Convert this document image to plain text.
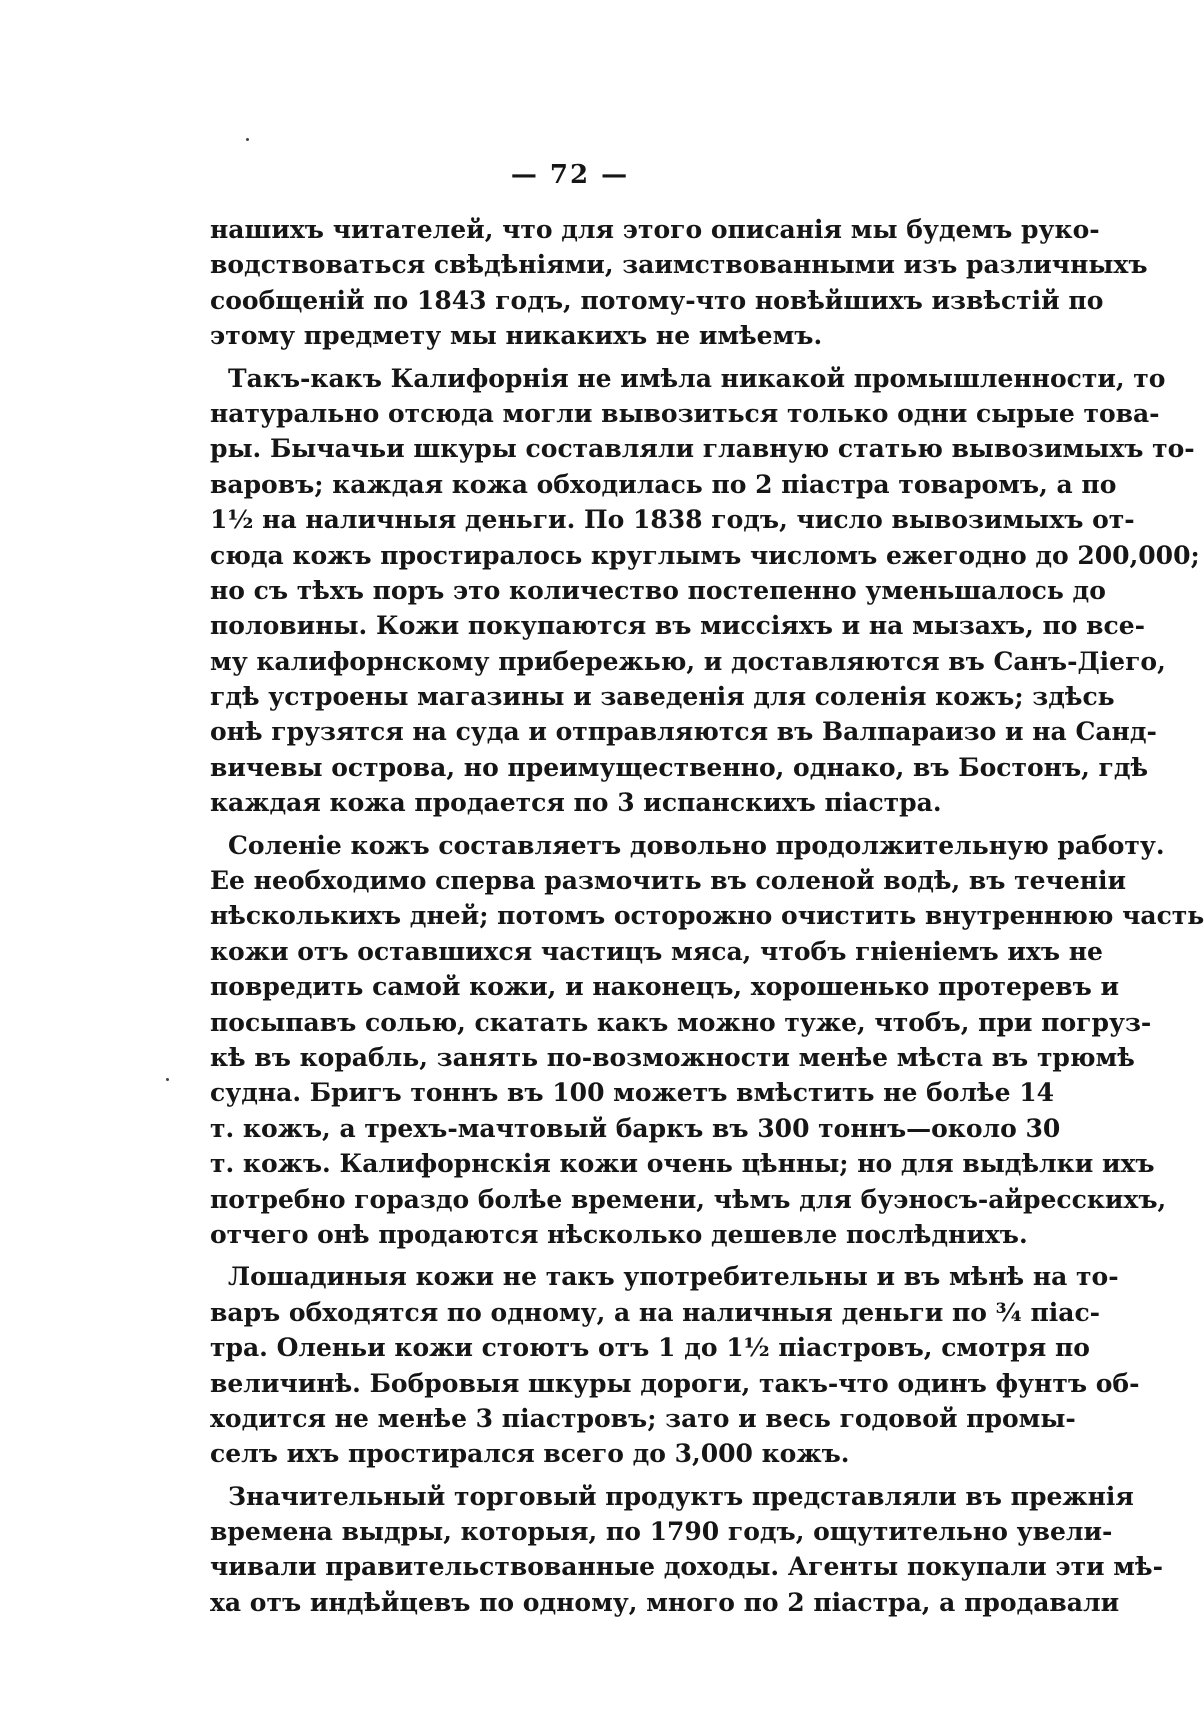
— 72 —
нашихъ читателей, что для этого описанія мы будемъ руко-
водствоваться свѣдѣніями, заимствованными изъ различныхъ
сообщеній по 1843 годъ, потому-что новѣйшихъ извѣстій по
этому предмету мы никакихъ не имѣемъ.
Такъ-какъ Калифорнія не имѣла никакой промышленности, то
натурально отсюда могли вывозиться только одни сырые това-
ры. Бычачьи шкуры составляли главную статью вывозимыхъ то-
варовъ; каждая кожа обходилась по 2 піастра товаромъ, а по
1½ на наличныя деньги. По 1838 годъ, число вывозимыхъ от-
сюда кожъ простиралось круглымъ числомъ ежегодно до 200,000;
но съ тѣхъ поръ это количество постепенно уменьшалось до
половины. Кожи покупаются въ миссіяхъ и на мызахъ, по все-
му калифорнскому прибережью, и доставляются въ Санъ-Діего,
гдѣ устроены магазины и заведенія для соленія кожъ; здѣсь
онѣ грузятся на суда и отправляются въ Валпараизо и на Санд-
вичевы острова, но преимущественно, однако, въ Бостонъ, гдѣ
каждая кожа продается по 3 испанскихъ піастра.
Соленіе кожъ составляетъ довольно продолжительную работу.
Ее необходимо сперва размочить въ соленой водѣ, въ теченіи
нѣсколькихъ дней; потомъ осторожно очистить внутреннюю часть
кожи отъ оставшихся частицъ мяса, чтобъ гніеніемъ ихъ не
повредить самой кожи, и наконецъ, хорошенько протеревъ и
посыпавъ солью, скатать какъ можно туже, чтобъ, при погруз-
кѣ въ корабль, занять по-возможности менѣе мѣста въ трюмѣ
судна. Бригъ тоннъ въ 100 можетъ вмѣстить не болѣе 14
т. кожъ, а трехъ-мачтовый баркъ въ 300 тоннъ—около 30
т. кожъ. Калифорнскія кожи очень цѣнны; но для выдѣлки ихъ
потребно гораздо болѣе времени, чѣмъ для буэносъ-айресскихъ,
отчего онѣ продаются нѣсколько дешевле послѣднихъ.
Лошадиныя кожи не такъ употребительны и въ мѣнѣ на то-
варъ обходятся по одному, а на наличныя деньги по ¾ піас-
тра. Оленьи кожи стоютъ отъ 1 до 1½ піастровъ, смотря по
величинѣ. Бобровыя шкуры дороги, такъ-что одинъ фунтъ об-
ходится не менѣе 3 піастровъ; зато и весь годовой промы-
селъ ихъ простирался всего до 3,000 кожъ.
Значительный торговый продуктъ представляли въ прежнія
времена выдры, которыя, по 1790 годъ, ощутительно увели-
чивали правительствованные доходы. Агенты покупали эти мѣ-
ха отъ индѣйцевъ по одному, много по 2 піастра, а продавали
